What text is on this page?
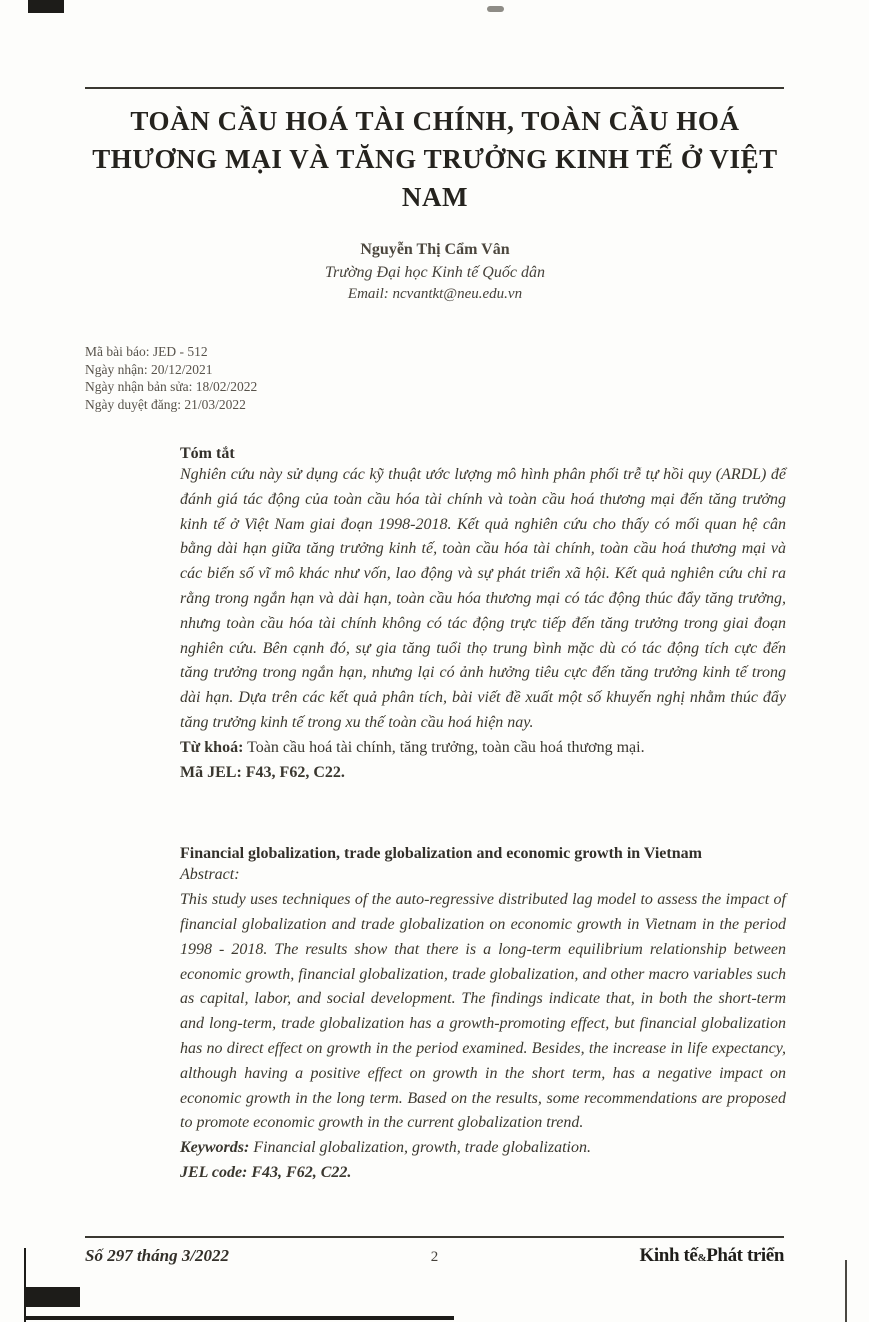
TOÀN CẦU HOÁ TÀI CHÍNH, TOÀN CẦU HOÁ THƯƠNG MẠI VÀ TĂNG TRƯỞNG KINH TẾ Ở VIỆT NAM
Nguyễn Thị Cẩm Vân
Trường Đại học Kinh tế Quốc dân
Email: ncvantkt@neu.edu.vn
Mã bài báo: JED - 512
Ngày nhận: 20/12/2021
Ngày nhận bản sửa: 18/02/2022
Ngày duyệt đăng: 21/03/2022
Tóm tắt

Nghiên cứu này sử dụng các kỹ thuật ước lượng mô hình phân phối trễ tự hồi quy (ARDL) để đánh giá tác động của toàn cầu hóa tài chính và toàn cầu hoá thương mại đến tăng trưởng kinh tế ở Việt Nam giai đoạn 1998-2018. Kết quả nghiên cứu cho thấy có mối quan hệ cân bằng dài hạn giữa tăng trưởng kinh tế, toàn cầu hóa tài chính, toàn cầu hoá thương mại và các biến số vĩ mô khác như vốn, lao động và sự phát triển xã hội. Kết quả nghiên cứu chỉ ra rằng trong ngắn hạn và dài hạn, toàn cầu hóa thương mại có tác động thúc đẩy tăng trưởng, nhưng toàn cầu hóa tài chính không có tác động trực tiếp đến tăng trưởng trong giai đoạn nghiên cứu. Bên cạnh đó, sự gia tăng tuổi thọ trung bình mặc dù có tác động tích cực đến tăng trưởng trong ngắn hạn, nhưng lại có ảnh hưởng tiêu cực đến tăng trưởng kinh tế trong dài hạn. Dựa trên các kết quả phân tích, bài viết đề xuất một số khuyến nghị nhằm thúc đẩy tăng trưởng kinh tế trong xu thế toàn cầu hoá hiện nay.

Từ khoá: Toàn cầu hoá tài chính, tăng trưởng, toàn cầu hoá thương mại.
Mã JEL: F43, F62, C22.
Financial globalization, trade globalization and economic growth in Vietnam
Abstract:

This study uses techniques of the auto-regressive distributed lag model to assess the impact of financial globalization and trade globalization on economic growth in Vietnam in the period 1998 - 2018. The results show that there is a long-term equilibrium relationship between economic growth, financial globalization, trade globalization, and other macro variables such as capital, labor, and social development. The findings indicate that, in both the short-term and long-term, trade globalization has a growth-promoting effect, but financial globalization has no direct effect on growth in the period examined. Besides, the increase in life expectancy, although having a positive effect on growth in the short term, has a negative impact on economic growth in the long term. Based on the results, some recommendations are proposed to promote economic growth in the current globalization trend.

Keywords: Financial globalization, growth, trade globalization.
JEL code: F43, F62, C22.
Số 297 tháng 3/2022	2	Kinh tế&Phát triển
